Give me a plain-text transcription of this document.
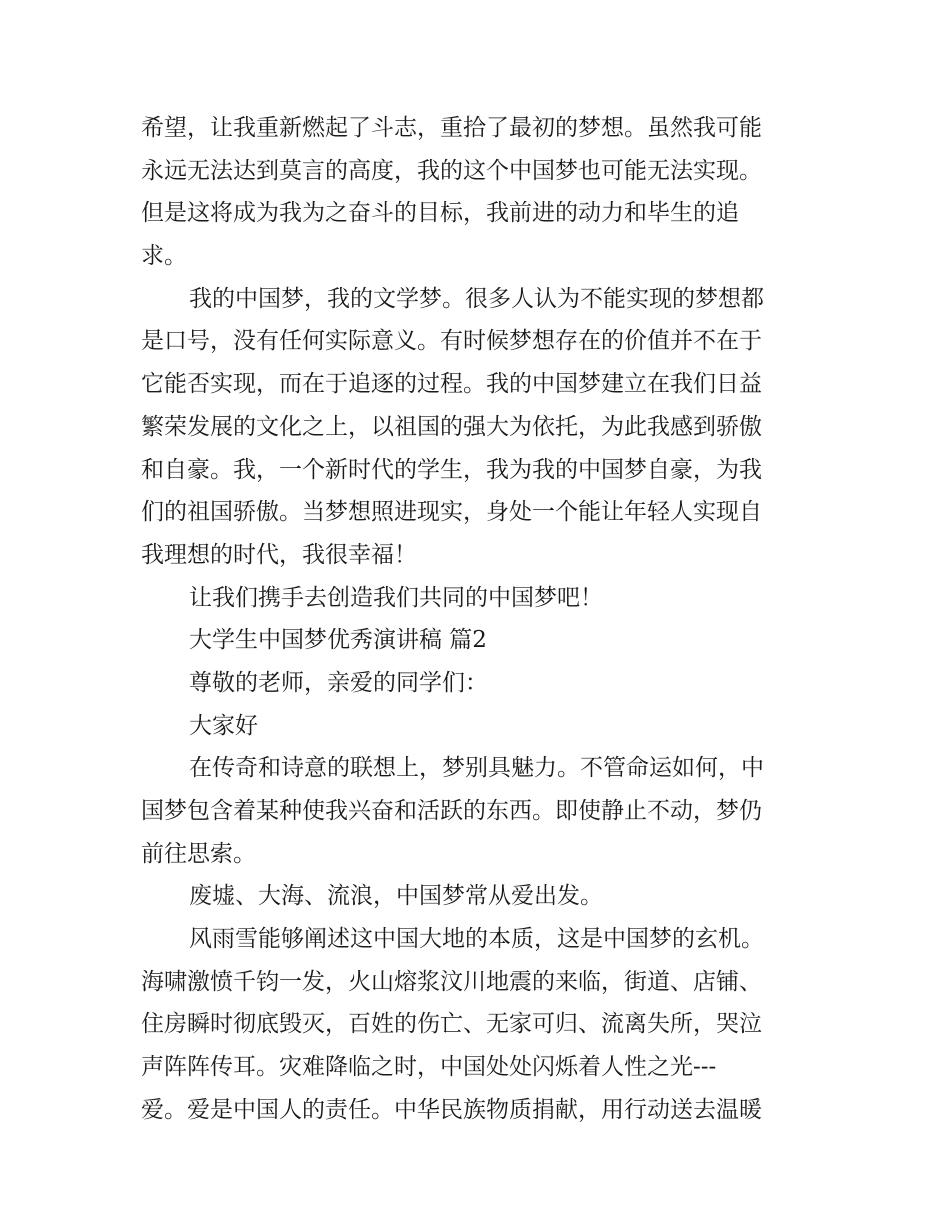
希望，让我重新燃起了斗志，重拾了最初的梦想。虽然我可能
永远无法达到莫言的高度，我的这个中国梦也可能无法实现。
但是这将成为我为之奋斗的目标，我前进的动力和毕生的追
求。
我的中国梦，我的文学梦。很多人认为不能实现的梦想都
是口号，没有任何实际意义。有时候梦想存在的价值并不在于
它能否实现，而在于追逐的过程。我的中国梦建立在我们日益
繁荣发展的文化之上，以祖国的强大为依托，为此我感到骄傲
和自豪。我，一个新时代的学生，我为我的中国梦自豪，为我
们的祖国骄傲。当梦想照进现实，身处一个能让年轻人实现自
我理想的时代，我很幸福！
让我们携手去创造我们共同的中国梦吧！
大学生中国梦优秀演讲稿 篇2
尊敬的老师，亲爱的同学们：
大家好
在传奇和诗意的联想上，梦别具魅力。不管命运如何，中
国梦包含着某种使我兴奋和活跃的东西。即使静止不动，梦仍
前往思索。
废墟、大海、流浪，中国梦常从爱出发。
风雨雪能够阐述这中国大地的本质，这是中国梦的玄机。
海啸激愤千钧一发，火山熔浆汶川地震的来临，街道、店铺、
住房瞬时彻底毁灭，百姓的伤亡、无家可归、流离失所，哭泣
声阵阵传耳。灾难降临之时，中国处处闪烁着人性之光---
爱。爱是中国人的责任。中华民族物质捐献，用行动送去温暖
